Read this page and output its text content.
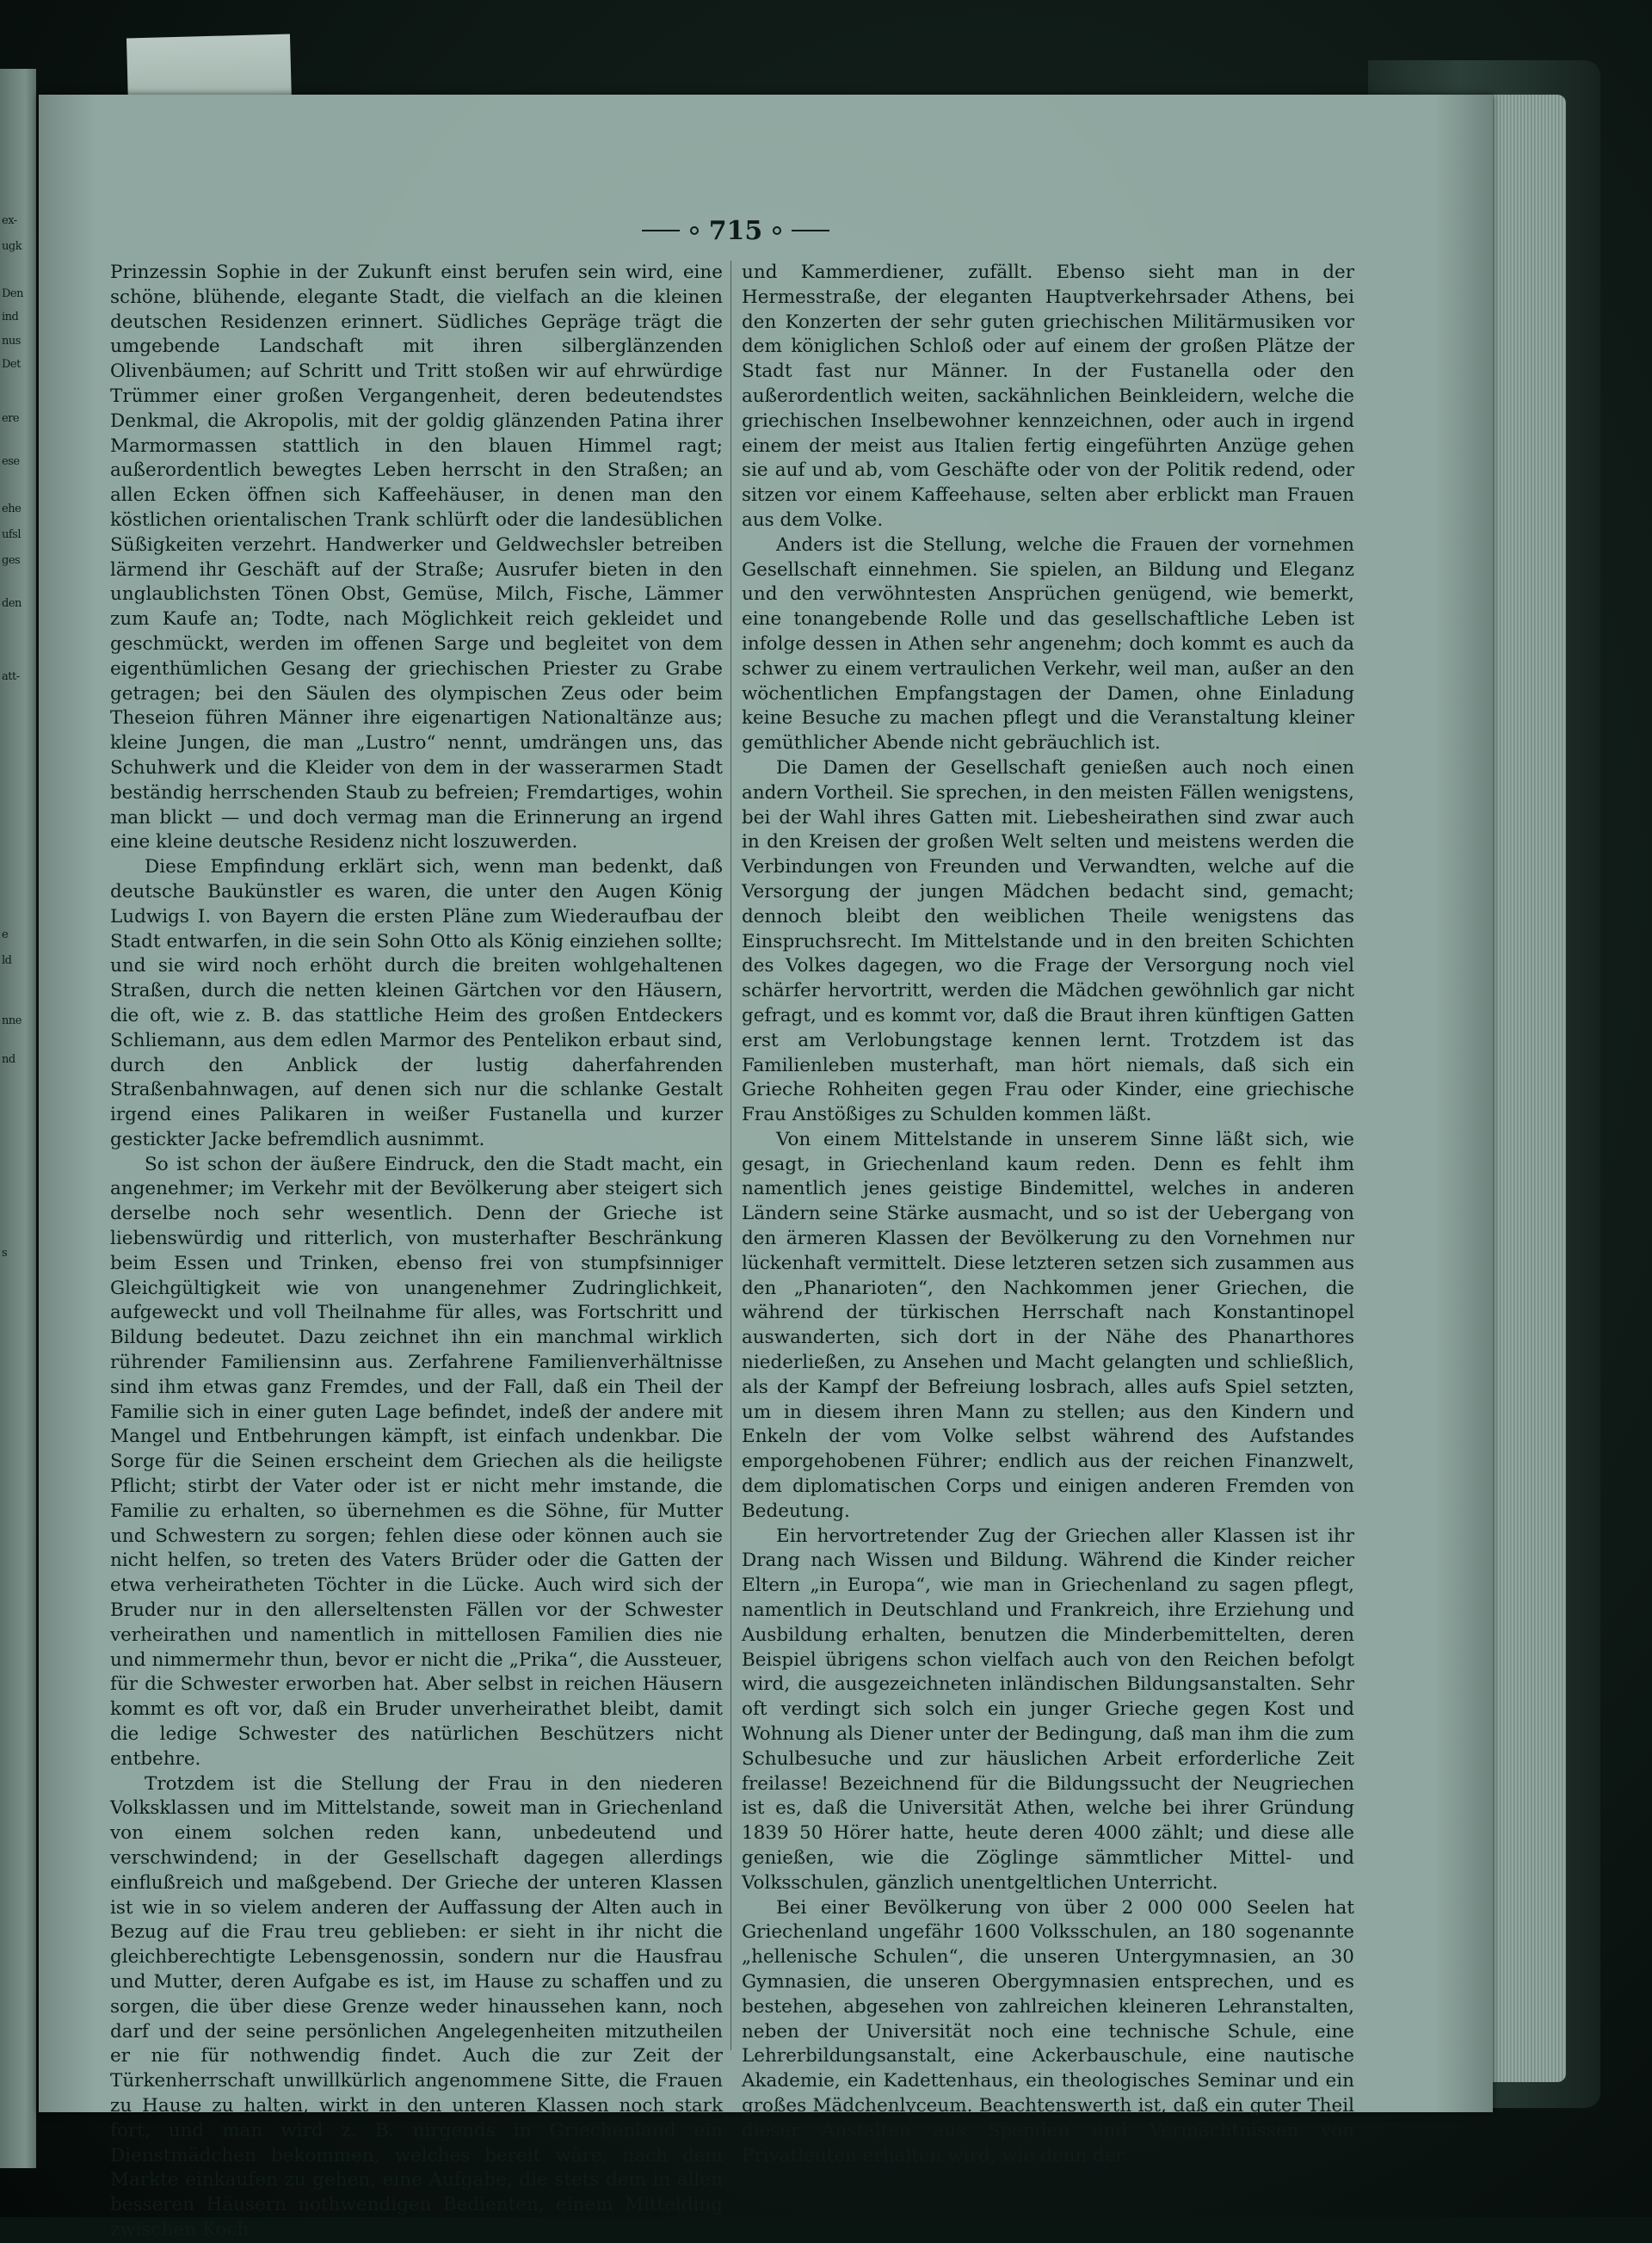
ex-
ugk
Den
ind
nus
Det
ere
ese
ehe
ufsl
ges
den
att-
e
ld
nne
nd
s
715

Prinzessin Sophie in der Zukunft einst berufen sein wird, eine schöne, blühende, elegante Stadt, die vielfach an die kleinen deutschen Residenzen erinnert. Südliches Gepräge trägt die umgebende Landschaft mit ihren silberglänzenden Olivenbäumen; auf Schritt und Tritt stoßen wir auf ehrwürdige Trümmer einer großen Vergangenheit, deren bedeutendstes Denkmal, die Akropolis, mit der goldig glänzenden Patina ihrer Marmormassen stattlich in den blauen Himmel ragt; außerordentlich bewegtes Leben herrscht in den Straßen; an allen Ecken öffnen sich Kaffeehäuser, in denen man den köstlichen orientalischen Trank schlürft oder die landesüblichen Süßigkeiten verzehrt. Handwerker und Geldwechsler betreiben lärmend ihr Geschäft auf der Straße; Ausrufer bieten in den unglaublichsten Tönen Obst, Gemüse, Milch, Fische, Lämmer zum Kaufe an; Todte, nach Möglichkeit reich gekleidet und geschmückt, werden im offenen Sarge und begleitet von dem eigenthümlichen Gesang der griechischen Priester zu Grabe getragen; bei den Säulen des olympischen Zeus oder beim Theseion führen Männer ihre eigenartigen Nationaltänze aus; kleine Jungen, die man „Lustro“ nennt, umdrängen uns, das Schuhwerk und die Kleider von dem in der wasserarmen Stadt beständig herrschenden Staub zu befreien; Fremdartiges, wohin man blickt — und doch vermag man die Erinnerung an irgend eine kleine deutsche Residenz nicht loszuwerden.

Diese Empfindung erklärt sich, wenn man bedenkt, daß deutsche Baukünstler es waren, die unter den Augen König Ludwigs I. von Bayern die ersten Pläne zum Wiederaufbau der Stadt entwarfen, in die sein Sohn Otto als König einziehen sollte; und sie wird noch erhöht durch die breiten wohlgehaltenen Straßen, durch die netten kleinen Gärtchen vor den Häusern, die oft, wie z. B. das stattliche Heim des großen Entdeckers Schliemann, aus dem edlen Marmor des Pentelikon erbaut sind, durch den Anblick der lustig daherfahrenden Straßenbahnwagen, auf denen sich nur die schlanke Gestalt irgend eines Palikaren in weißer Fustanella und kurzer gestickter Jacke befremdlich ausnimmt.

So ist schon der äußere Eindruck, den die Stadt macht, ein angenehmer; im Verkehr mit der Bevölkerung aber steigert sich derselbe noch sehr wesentlich. Denn der Grieche ist liebenswürdig und ritterlich, von musterhafter Beschränkung beim Essen und Trinken, ebenso frei von stumpfsinniger Gleichgültigkeit wie von unangenehmer Zudringlichkeit, aufgeweckt und voll Theilnahme für alles, was Fortschritt und Bildung bedeutet. Dazu zeichnet ihn ein manchmal wirklich rührender Familiensinn aus. Zerfahrene Familienverhältnisse sind ihm etwas ganz Fremdes, und der Fall, daß ein Theil der Familie sich in einer guten Lage befindet, indeß der andere mit Mangel und Entbehrungen kämpft, ist einfach undenkbar. Die Sorge für die Seinen erscheint dem Griechen als die heiligste Pflicht; stirbt der Vater oder ist er nicht mehr imstande, die Familie zu erhalten, so übernehmen es die Söhne, für Mutter und Schwestern zu sorgen; fehlen diese oder können auch sie nicht helfen, so treten des Vaters Brüder oder die Gatten der etwa verheiratheten Töchter in die Lücke. Auch wird sich der Bruder nur in den allerseltensten Fällen vor der Schwester verheirathen und namentlich in mittellosen Familien dies nie und nimmermehr thun, bevor er nicht die „Prika“, die Aussteuer, für die Schwester erworben hat. Aber selbst in reichen Häusern kommt es oft vor, daß ein Bruder unverheirathet bleibt, damit die ledige Schwester des natürlichen Beschützers nicht entbehre.

Trotzdem ist die Stellung der Frau in den niederen Volksklassen und im Mittelstande, soweit man in Griechenland von einem solchen reden kann, unbedeutend und verschwindend; in der Gesellschaft dagegen allerdings einflußreich und maßgebend. Der Grieche der unteren Klassen ist wie in so vielem anderen der Auffassung der Alten auch in Bezug auf die Frau treu geblieben: er sieht in ihr nicht die gleichberechtigte Lebensgenossin, sondern nur die Hausfrau und Mutter, deren Aufgabe es ist, im Hause zu schaffen und zu sorgen, die über diese Grenze weder hinaussehen kann, noch darf und der seine persönlichen Angelegenheiten mitzutheilen er nie für nothwendig findet. Auch die zur Zeit der Türkenherrschaft unwillkürlich angenommene Sitte, die Frauen zu Hause zu halten, wirkt in den unteren Klassen noch stark fort, und man wird z. B. nirgends in Griechenland ein Dienstmädchen bekommen, welches bereit wäre, nach dem Markte einkaufen zu gehen, eine Aufgabe, die stets dem in allen besseren Häusern nothwendigen Bedienten, einem Mittelding zwischen Koch

und Kammerdiener, zufällt. Ebenso sieht man in der Hermesstraße, der eleganten Hauptverkehrsader Athens, bei den Konzerten der sehr guten griechischen Militärmusiken vor dem königlichen Schloß oder auf einem der großen Plätze der Stadt fast nur Männer. In der Fustanella oder den außerordentlich weiten, sackähnlichen Beinkleidern, welche die griechischen Inselbewohner kennzeichnen, oder auch in irgend einem der meist aus Italien fertig eingeführten Anzüge gehen sie auf und ab, vom Geschäfte oder von der Politik redend, oder sitzen vor einem Kaffeehause, selten aber erblickt man Frauen aus dem Volke.

Anders ist die Stellung, welche die Frauen der vornehmen Gesellschaft einnehmen. Sie spielen, an Bildung und Eleganz und den verwöhntesten Ansprüchen genügend, wie bemerkt, eine tonangebende Rolle und das gesellschaftliche Leben ist infolge dessen in Athen sehr angenehm; doch kommt es auch da schwer zu einem vertraulichen Verkehr, weil man, außer an den wöchentlichen Empfangstagen der Damen, ohne Einladung keine Besuche zu machen pflegt und die Veranstaltung kleiner gemüthlicher Abende nicht gebräuchlich ist.

Die Damen der Gesellschaft genießen auch noch einen andern Vortheil. Sie sprechen, in den meisten Fällen wenigstens, bei der Wahl ihres Gatten mit. Liebesheirathen sind zwar auch in den Kreisen der großen Welt selten und meistens werden die Verbindungen von Freunden und Verwandten, welche auf die Versorgung der jungen Mädchen bedacht sind, gemacht; dennoch bleibt den weiblichen Theile wenigstens das Einspruchsrecht. Im Mittelstande und in den breiten Schichten des Volkes dagegen, wo die Frage der Versorgung noch viel schärfer hervortritt, werden die Mädchen gewöhnlich gar nicht gefragt, und es kommt vor, daß die Braut ihren künftigen Gatten erst am Verlobungstage kennen lernt. Trotzdem ist das Familienleben musterhaft, man hört niemals, daß sich ein Grieche Rohheiten gegen Frau oder Kinder, eine griechische Frau Anstößiges zu Schulden kommen läßt.

Von einem Mittelstande in unserem Sinne läßt sich, wie gesagt, in Griechenland kaum reden. Denn es fehlt ihm namentlich jenes geistige Bindemittel, welches in anderen Ländern seine Stärke ausmacht, und so ist der Uebergang von den ärmeren Klassen der Bevölkerung zu den Vornehmen nur lückenhaft vermittelt. Diese letzteren setzen sich zusammen aus den „Phanarioten“, den Nachkommen jener Griechen, die während der türkischen Herrschaft nach Konstantinopel auswanderten, sich dort in der Nähe des Phanarthores niederließen, zu Ansehen und Macht gelangten und schließlich, als der Kampf der Befreiung losbrach, alles aufs Spiel setzten, um in diesem ihren Mann zu stellen; aus den Kindern und Enkeln der vom Volke selbst während des Aufstandes emporgehobenen Führer; endlich aus der reichen Finanzwelt, dem diplomatischen Corps und einigen anderen Fremden von Bedeutung.

Ein hervortretender Zug der Griechen aller Klassen ist ihr Drang nach Wissen und Bildung. Während die Kinder reicher Eltern „in Europa“, wie man in Griechenland zu sagen pflegt, namentlich in Deutschland und Frankreich, ihre Erziehung und Ausbildung erhalten, benutzen die Minderbemittelten, deren Beispiel übrigens schon vielfach auch von den Reichen befolgt wird, die ausgezeichneten inländischen Bildungsanstalten. Sehr oft verdingt sich solch ein junger Grieche gegen Kost und Wohnung als Diener unter der Bedingung, daß man ihm die zum Schulbesuche und zur häuslichen Arbeit erforderliche Zeit freilasse! Bezeichnend für die Bildungssucht der Neugriechen ist es, daß die Universität Athen, welche bei ihrer Gründung 1839 50 Hörer hatte, heute deren 4000 zählt; und diese alle genießen, wie die Zöglinge sämmtlicher Mittel- und Volksschulen, gänzlich unentgeltlichen Unterricht.

Bei einer Bevölkerung von über 2 000 000 Seelen hat Griechenland ungefähr 1600 Volksschulen, an 180 sogenannte „hellenische Schulen“, die unseren Untergymnasien, an 30 Gymnasien, die unseren Obergymnasien entsprechen, und es bestehen, abgesehen von zahlreichen kleineren Lehranstalten, neben der Universität noch eine technische Schule, eine Lehrerbildungsanstalt, eine Ackerbauschule, eine nautische Akademie, ein Kadettenhaus, ein theologisches Seminar und ein großes Mädchenlyceum. Beachtenswerth ist, daß ein guter Theil dieser Anstalten aus Spenden und Vermächtnissen von Privatleuten erhalten wird, wie denn der
